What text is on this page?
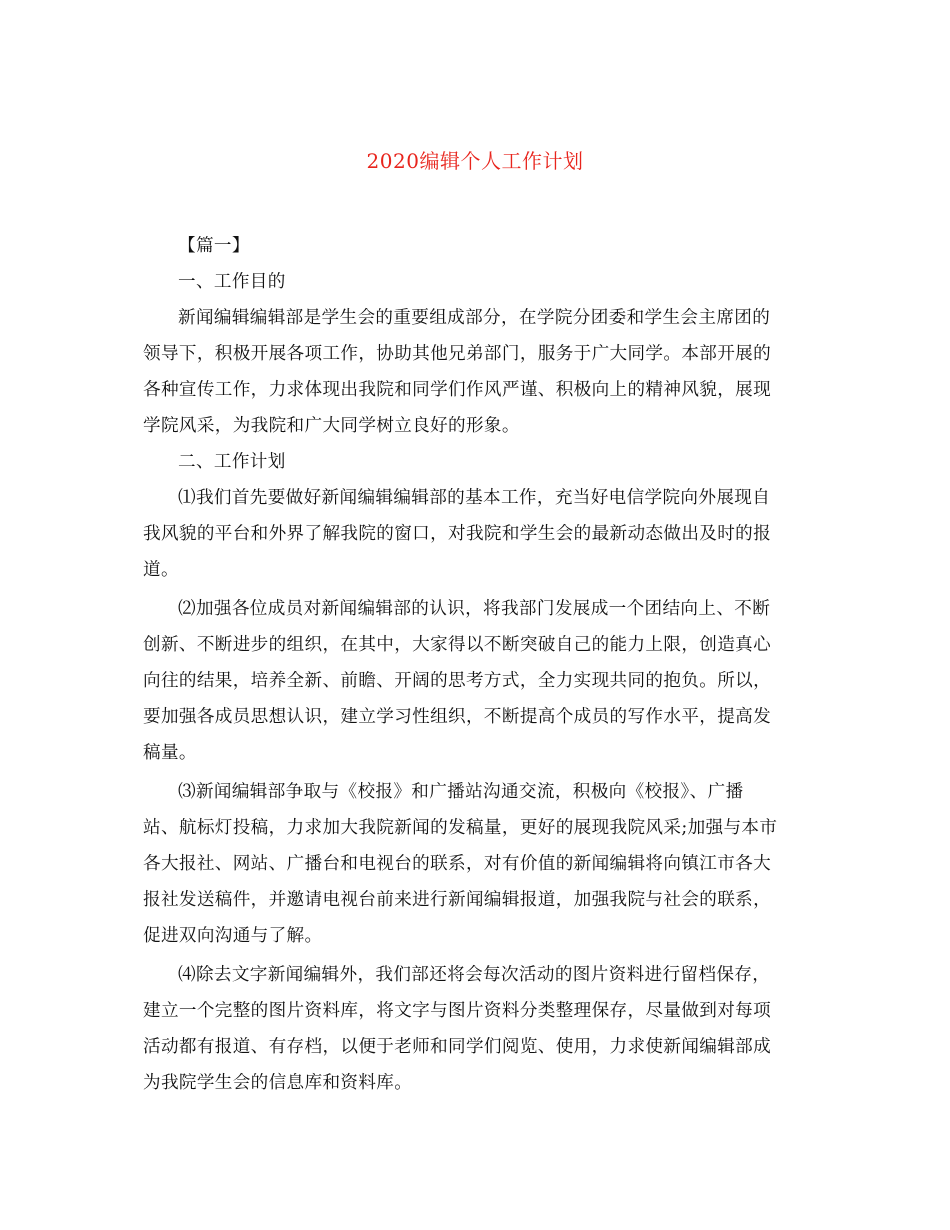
2020编辑个人工作计划
【篇一】
一、工作目的
新闻编辑编辑部是学生会的重要组成部分，在学院分团委和学生会主席团的
领导下，积极开展各项工作，协助其他兄弟部门，服务于广大同学。本部开展的
各种宣传工作，力求体现出我院和同学们作风严谨、积极向上的精神风貌，展现
学院风采，为我院和广大同学树立良好的形象。
二、工作计划
⑴我们首先要做好新闻编辑编辑部的基本工作，充当好电信学院向外展现自
我风貌的平台和外界了解我院的窗口，对我院和学生会的最新动态做出及时的报
道。
⑵加强各位成员对新闻编辑部的认识，将我部门发展成一个团结向上、不断
创新、不断进步的组织，在其中，大家得以不断突破自己的能力上限，创造真心
向往的结果，培养全新、前瞻、开阔的思考方式，全力实现共同的抱负。所以，
要加强各成员思想认识，建立学习性组织，不断提高个成员的写作水平，提高发
稿量。
⑶新闻编辑部争取与《校报》和广播站沟通交流，积极向《校报》、广播
站、航标灯投稿，力求加大我院新闻的发稿量，更好的展现我院风采;加强与本市
各大报社、网站、广播台和电视台的联系，对有价值的新闻编辑将向镇江市各大
报社发送稿件，并邀请电视台前来进行新闻编辑报道，加强我院与社会的联系，
促进双向沟通与了解。
⑷除去文字新闻编辑外，我们部还将会每次活动的图片资料进行留档保存，
建立一个完整的图片资料库，将文字与图片资料分类整理保存，尽量做到对每项
活动都有报道、有存档，以便于老师和同学们阅览、使用，力求使新闻编辑部成
为我院学生会的信息库和资料库。
